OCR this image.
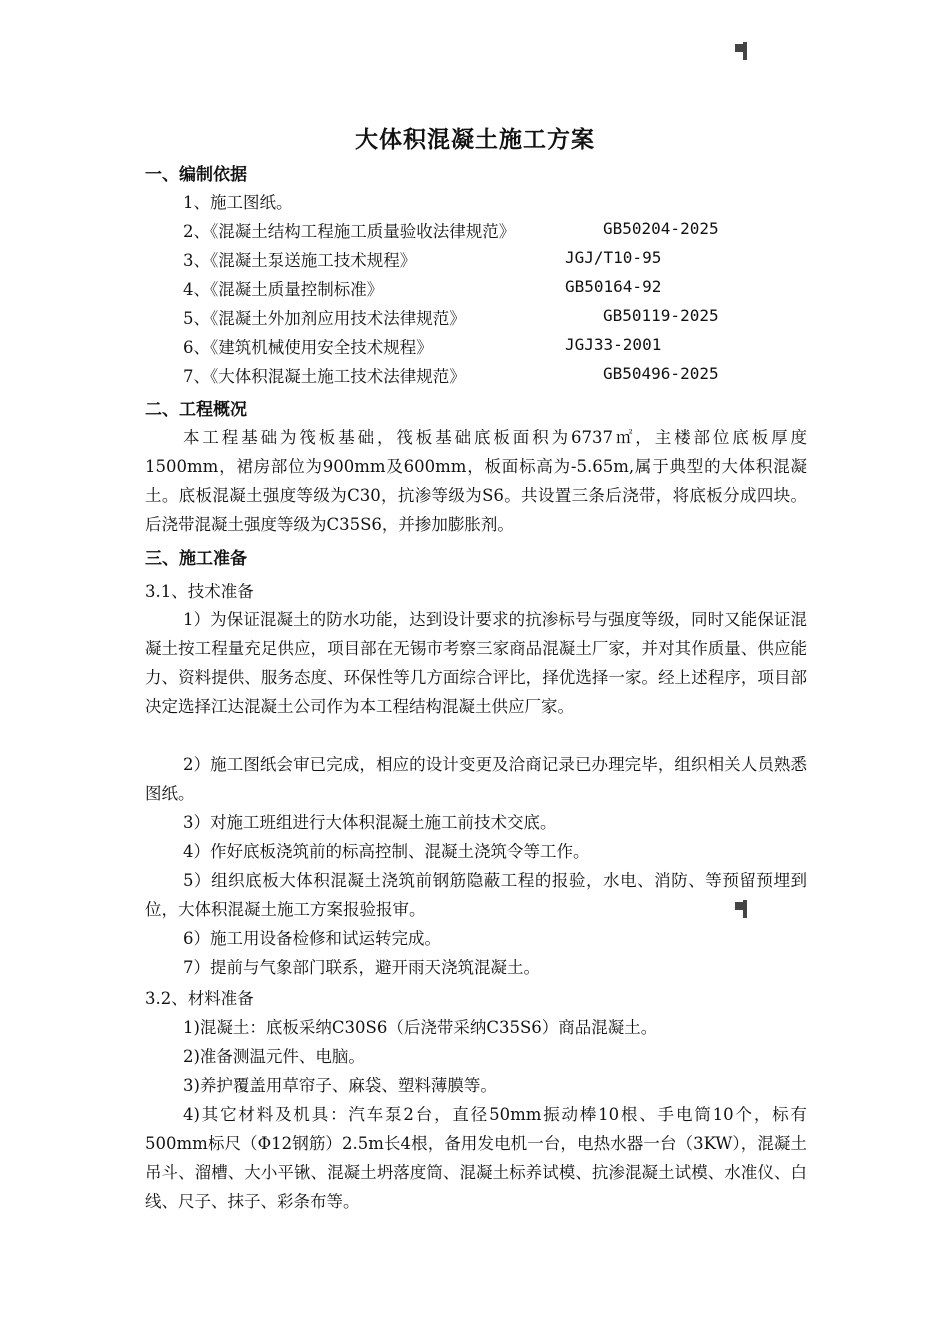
大体积混凝土施工方案
一、编制依据
1、施工图纸。
2、《混凝土结构工程施工质量验收法律规范》	GB50204-2025
3、《混凝土泵送施工技术规程》	JGJ/T10-95
4、《混凝土质量控制标准》	GB50164-92
5、《混凝土外加剂应用技术法律规范》	GB50119-2025
6、《建筑机械使用安全技术规程》	JGJ33-2001
7、《大体积混凝土施工技术法律规范》	GB50496-2025
二、工程概况
本工程基础为筏板基础，筏板基础底板面积为6737㎡，主楼部位底板厚度1500mm，裙房部位为900mm及600mm，板面标高为-5.65m,属于典型的大体积混凝土。底板混凝土强度等级为C30，抗渗等级为S6。共设置三条后浇带，将底板分成四块。后浇带混凝土强度等级为C35S6，并掺加膨胀剂。
三、施工准备
3.1、技术准备
1）为保证混凝土的防水功能，达到设计要求的抗渗标号与强度等级，同时又能保证混凝土按工程量充足供应，项目部在无锡市考察三家商品混凝土厂家，并对其作质量、供应能力、资料提供、服务态度、环保性等几方面综合评比，择优选择一家。经上述程序，项目部决定选择江达混凝土公司作为本工程结构混凝土供应厂家。
2）施工图纸会审已完成，相应的设计变更及洽商记录已办理完毕，组织相关人员熟悉图纸。
3）对施工班组进行大体积混凝土施工前技术交底。
4）作好底板浇筑前的标高控制、混凝土浇筑令等工作。
5）组织底板大体积混凝土浇筑前钢筋隐蔽工程的报验，水电、消防、等预留预埋到位，大体积混凝土施工方案报验报审。
6）施工用设备检修和试运转完成。
7）提前与气象部门联系，避开雨天浇筑混凝土。
3.2、材料准备
1)混凝土：底板采纳C30S6（后浇带采纳C35S6）商品混凝土。
2)准备测温元件、电脑。
3)养护覆盖用草帘子、麻袋、塑料薄膜等。
4)其它材料及机具：汽车泵2台，直径50mm振动棒10根、手电筒10个，标有500mm标尺（Φ12钢筋）2.5m长4根，备用发电机一台，电热水器一台（3KW），混凝土吊斗、溜槽、大小平锹、混凝土坍落度筒、混凝土标养试模、抗渗混凝土试模、水准仪、白线、尺子、抹子、彩条布等。
